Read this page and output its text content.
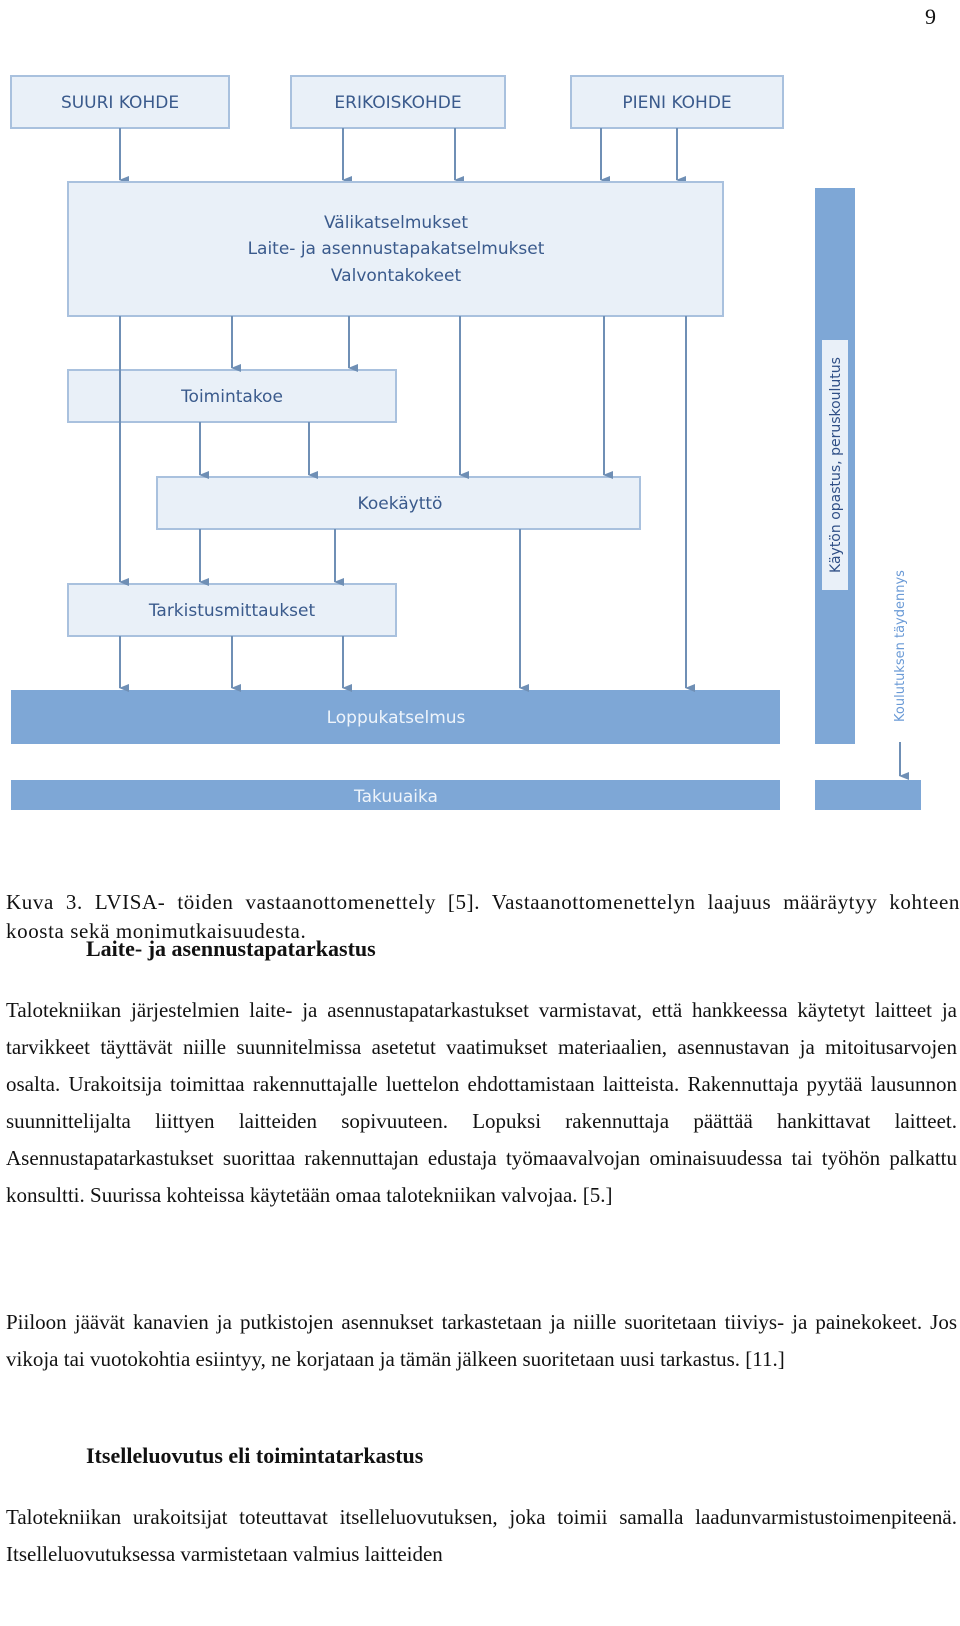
9
SUURI KOHDE	ERIKOISKOHDE	PIENI KOHDE
Välikatselmukset
Laite- ja asennustapakatselmukset
Valvontakokeet
Toimintakoe
Koekäyttö
Tarkistusmittaukset
Loppukatselmus
Takuuaika
Käytön opastus, peruskoulutus
Koulutuksen täydennys
Kuva 3. LVISA- töiden vastaanottomenettely [5]. Vastaanottomenettelyn laajuus määräytyy kohteen koosta sekä monimutkaisuudesta.
Laite- ja asennustapatarkastus
Talotekniikan järjestelmien laite- ja asennustapatarkastukset varmistavat, että hankkeessa käytetyt laitteet ja tarvikkeet täyttävät niille suunnitelmissa asetetut vaatimukset materiaalien, asennustavan ja mitoitusarvojen osalta. Urakoitsija toimittaa rakennuttajalle luettelon ehdottamistaan laitteista. Rakennuttaja pyytää lausunnon suunnittelijalta liittyen laitteiden sopivuuteen. Lopuksi rakennuttaja päättää hankittavat laitteet. Asennustapatarkastukset suorittaa rakennuttajan edustaja työmaavalvojan ominaisuudessa tai työhön palkattu konsultti. Suurissa kohteissa käytetään omaa talotekniikan valvojaa. [5.]
Piiloon jäävät kanavien ja putkistojen asennukset tarkastetaan ja niille suoritetaan tiiviys- ja painekokeet. Jos vikoja tai vuotokohtia esiintyy, ne korjataan ja tämän jälkeen suoritetaan uusi tarkastus. [11.]
Itselleluovutus eli toimintatarkastus
Talotekniikan urakoitsijat toteuttavat itselleluovutuksen, joka toimii samalla laadunvarmistustoimenpiteenä. Itselleluovutuksessa varmistetaan valmius laitteiden
